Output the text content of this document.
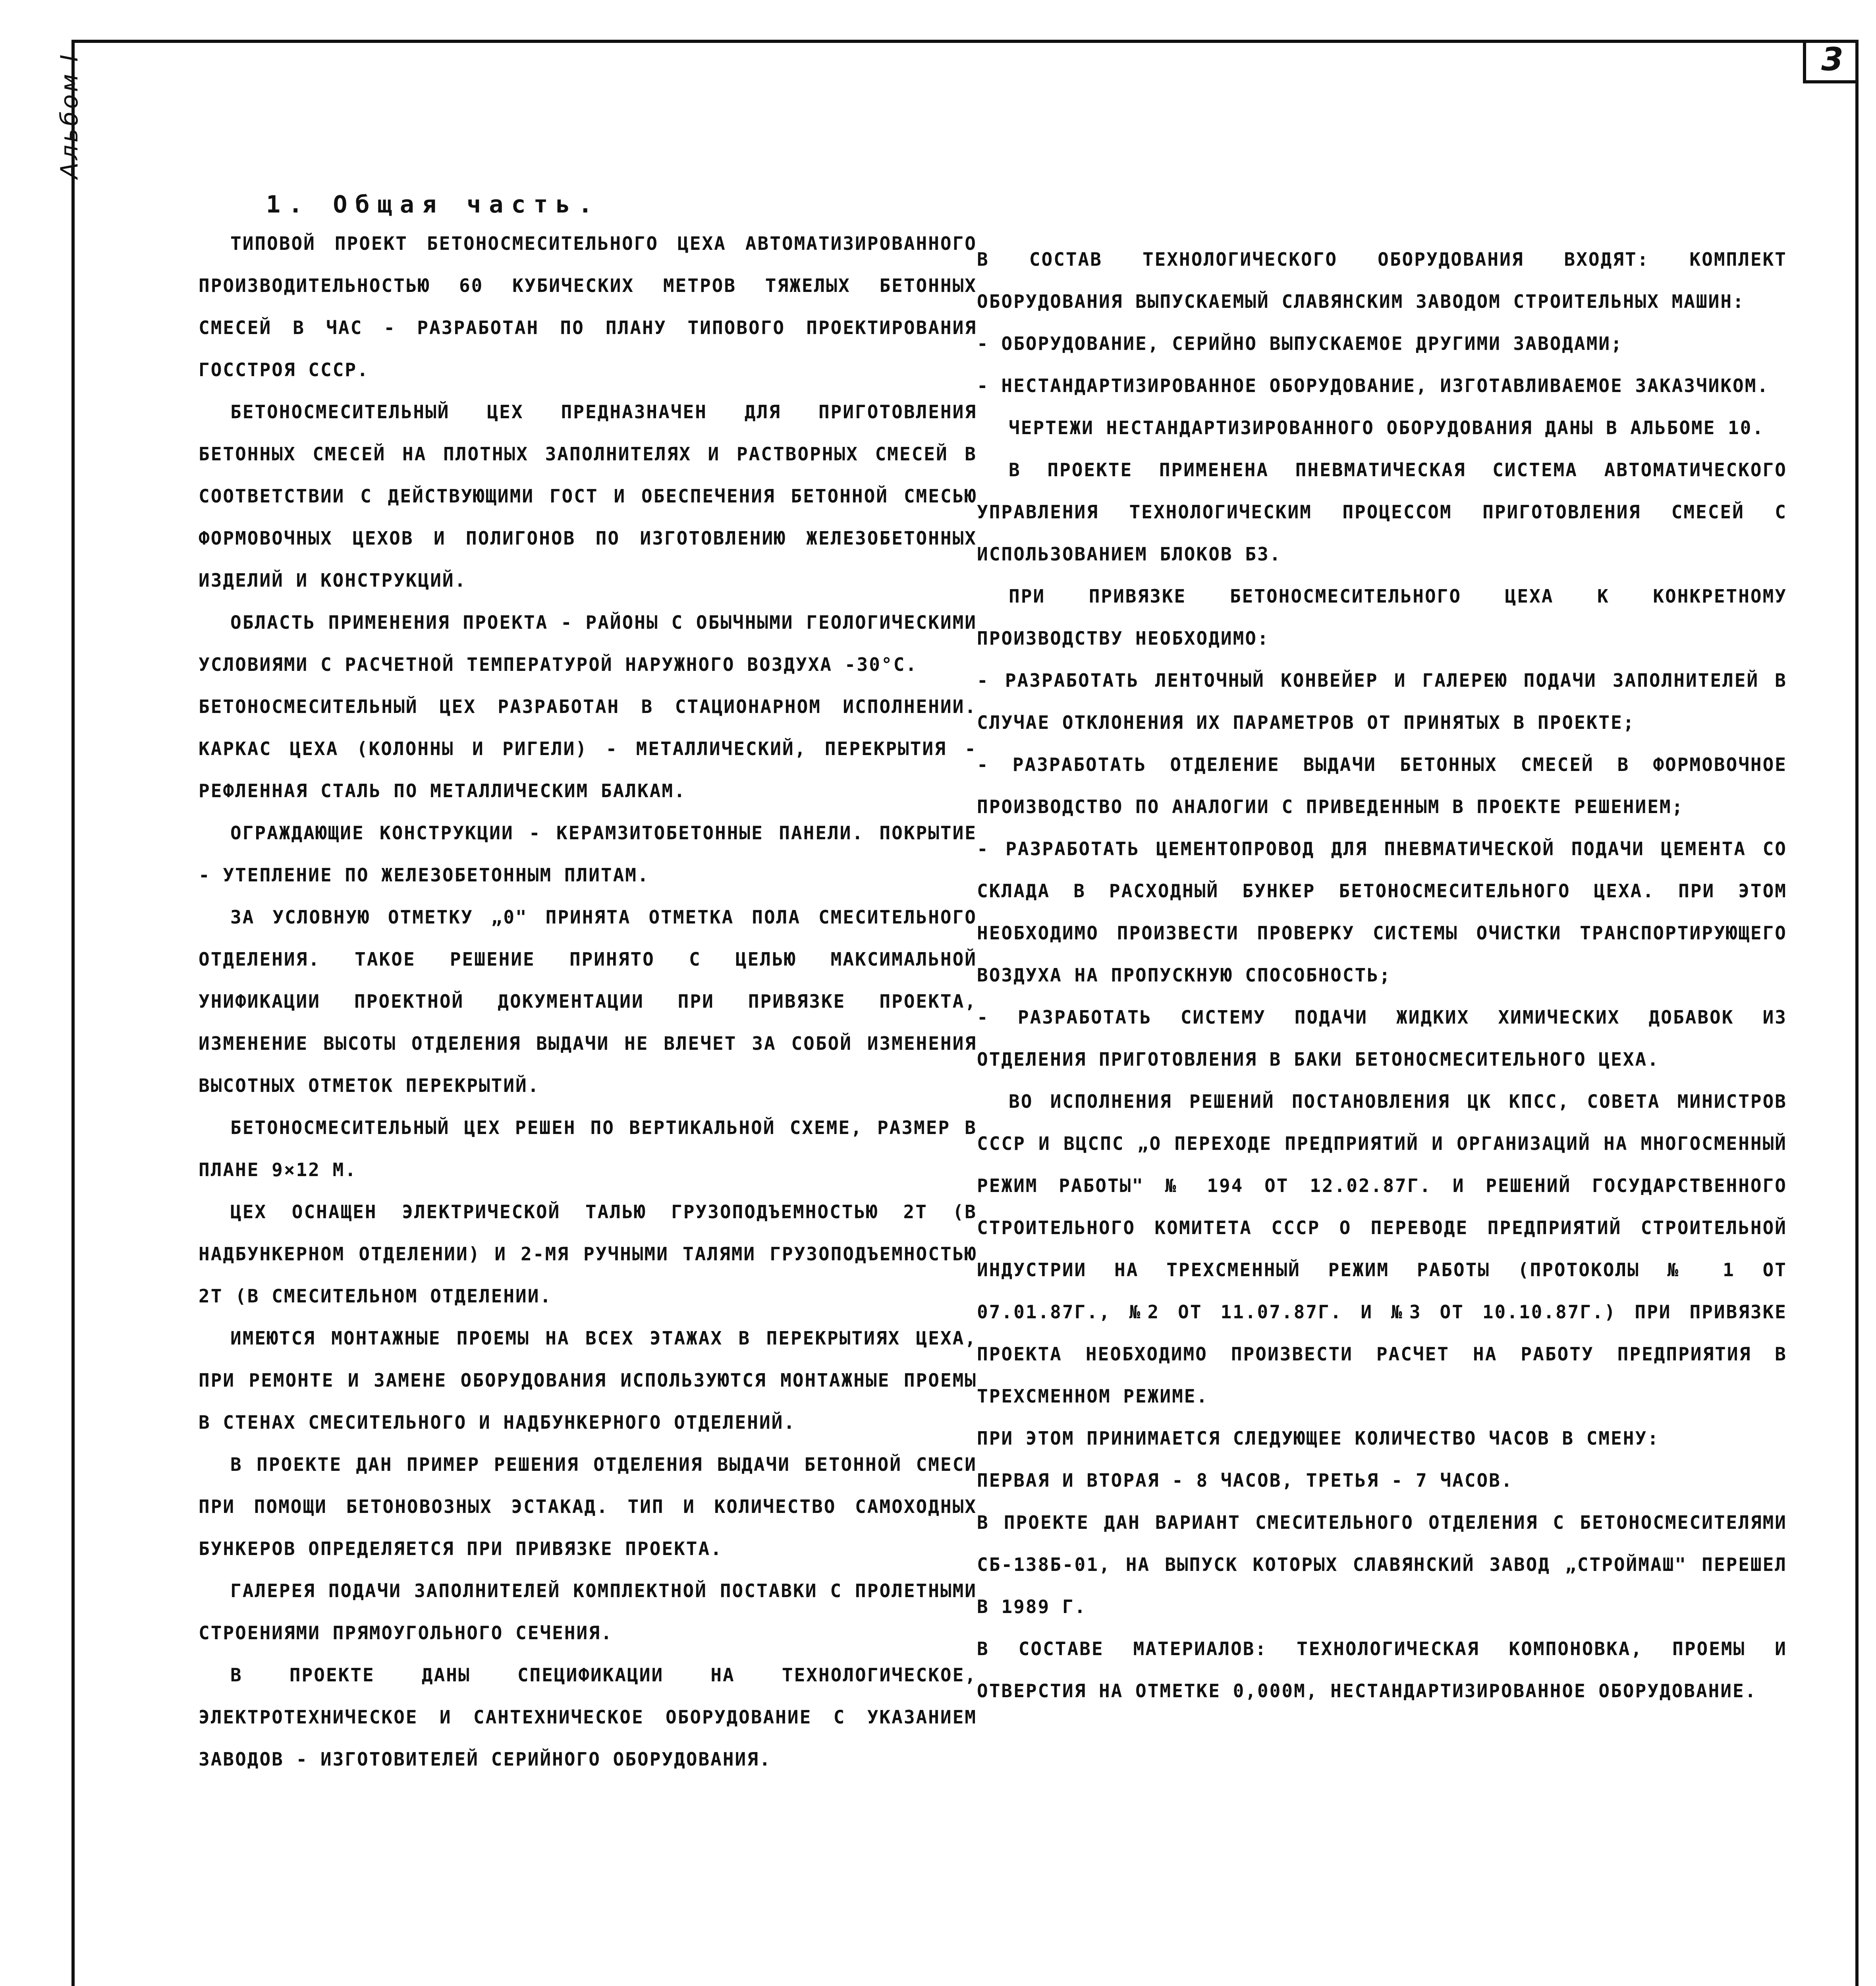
3
Альбом I
1. Общая часть.

ТИПОВОЙ ПРОЕКТ БЕТОНОСМЕСИТЕЛЬНОГО ЦЕХА АВТОМАТИЗИРОВАННОГО ПРОИЗВОДИТЕЛЬНОСТЬЮ 60 КУБИЧЕСКИХ МЕТРОВ ТЯЖЕЛЫХ БЕТОННЫХ СМЕСЕЙ В ЧАС - РАЗРАБОТАН ПО ПЛАНУ ТИПОВОГО ПРОЕКТИРОВАНИЯ ГОССТРОЯ СССР.

БЕТОНОСМЕСИТЕЛЬНЫЙ ЦЕХ ПРЕДНАЗНАЧЕН ДЛЯ ПРИГОТОВЛЕНИЯ БЕТОННЫХ СМЕСЕЙ НА ПЛОТНЫХ ЗАПОЛНИТЕЛЯХ И РАСТВОРНЫХ СМЕСЕЙ В СООТВЕТСТВИИ С ДЕЙСТВУЮЩИМИ ГОСТ И ОБЕСПЕЧЕНИЯ БЕТОННОЙ СМЕСЬЮ ФОРМОВОЧНЫХ ЦЕХОВ И ПОЛИГОНОВ ПО ИЗГОТОВЛЕНИЮ ЖЕЛЕЗОБЕТОННЫХ ИЗДЕЛИЙ И КОНСТРУКЦИЙ.

ОБЛАСТЬ ПРИМЕНЕНИЯ ПРОЕКТА - РАЙОНЫ С ОБЫЧНЫМИ ГЕОЛОГИЧЕСКИМИ УСЛОВИЯМИ С РАСЧЕТНОЙ ТЕМПЕРАТУРОЙ НАРУЖНОГО ВОЗДУХА -30°С.

БЕТОНОСМЕСИТЕЛЬНЫЙ ЦЕХ РАЗРАБОТАН В СТАЦИОНАРНОМ ИСПОЛНЕНИИ. КАРКАС ЦЕХА (КОЛОННЫ И РИГЕЛИ) - МЕТАЛЛИЧЕСКИЙ, ПЕРЕКРЫТИЯ - РЕФЛЕННАЯ СТАЛЬ ПО МЕТАЛЛИЧЕСКИМ БАЛКАМ.

ОГРАЖДАЮЩИЕ КОНСТРУКЦИИ - КЕРАМЗИТОБЕТОННЫЕ ПАНЕЛИ. ПОКРЫТИЕ - УТЕПЛЕНИЕ ПО ЖЕЛЕЗОБЕТОННЫМ ПЛИТАМ.

ЗА УСЛОВНУЮ ОТМЕТКУ „0" ПРИНЯТА ОТМЕТКА ПОЛА СМЕСИТЕЛЬНОГО ОТДЕЛЕНИЯ. ТАКОЕ РЕШЕНИЕ ПРИНЯТО С ЦЕЛЬЮ МАКСИМАЛЬНОЙ УНИФИКАЦИИ ПРОЕКТНОЙ ДОКУМЕНТАЦИИ ПРИ ПРИВЯЗКЕ ПРОЕКТА, ИЗМЕНЕНИЕ ВЫСОТЫ ОТДЕЛЕНИЯ ВЫДАЧИ НЕ ВЛЕЧЕТ ЗА СОБОЙ ИЗМЕНЕНИЯ ВЫСОТНЫХ ОТМЕТОК ПЕРЕКРЫТИЙ.

БЕТОНОСМЕСИТЕЛЬНЫЙ ЦЕХ РЕШЕН ПО ВЕРТИКАЛЬНОЙ СХЕМЕ, РАЗМЕР В ПЛАНЕ 9×12 М.

ЦЕХ ОСНАЩЕН ЭЛЕКТРИЧЕСКОЙ ТАЛЬЮ ГРУЗОПОДЪЕМНОСТЬЮ 2Т (В НАДБУНКЕРНОМ ОТДЕЛЕНИИ) И 2-МЯ РУЧНЫМИ ТАЛЯМИ ГРУЗОПОДЪЕМНОСТЬЮ 2Т (В СМЕСИТЕЛЬНОМ ОТДЕЛЕНИИ.

ИМЕЮТСЯ МОНТАЖНЫЕ ПРОЕМЫ НА ВСЕХ ЭТАЖАХ В ПЕРЕКРЫТИЯХ ЦЕХА, ПРИ РЕМОНТЕ И ЗАМЕНЕ ОБОРУДОВАНИЯ ИСПОЛЬЗУЮТСЯ МОНТАЖНЫЕ ПРОЕМЫ В СТЕНАХ СМЕСИТЕЛЬНОГО И НАДБУНКЕРНОГО ОТДЕЛЕНИЙ.

В ПРОЕКТЕ ДАН ПРИМЕР РЕШЕНИЯ ОТДЕЛЕНИЯ ВЫДАЧИ БЕТОННОЙ СМЕСИ ПРИ ПОМОЩИ БЕТОНОВОЗНЫХ ЭСТАКАД. ТИП И КОЛИЧЕСТВО САМОХОДНЫХ БУНКЕРОВ ОПРЕДЕЛЯЕТСЯ ПРИ ПРИВЯЗКЕ ПРОЕКТА.

ГАЛЕРЕЯ ПОДАЧИ ЗАПОЛНИТЕЛЕЙ КОМПЛЕКТНОЙ ПОСТАВКИ С ПРОЛЕТНЫМИ СТРОЕНИЯМИ ПРЯМОУГОЛЬНОГО СЕЧЕНИЯ.

В ПРОЕКТЕ ДАНЫ СПЕЦИФИКАЦИИ НА ТЕХНОЛОГИЧЕСКОЕ, ЭЛЕКТРОТЕХНИЧЕСКОЕ И САНТЕХНИЧЕСКОЕ ОБОРУДОВАНИЕ С УКАЗАНИЕМ ЗАВОДОВ - ИЗГОТОВИТЕЛЕЙ СЕРИЙНОГО ОБОРУДОВАНИЯ.

В СОСТАВ ТЕХНОЛОГИЧЕСКОГО ОБОРУДОВАНИЯ ВХОДЯТ: КОМПЛЕКТ ОБОРУДОВАНИЯ ВЫПУСКАЕМЫЙ СЛАВЯНСКИМ ЗАВОДОМ СТРОИТЕЛЬНЫХ МАШИН:

- ОБОРУДОВАНИЕ, СЕРИЙНО ВЫПУСКАЕМОЕ ДРУГИМИ ЗАВОДАМИ;

- НЕСТАНДАРТИЗИРОВАННОЕ ОБОРУДОВАНИЕ, ИЗГОТАВЛИВАЕМОЕ ЗАКАЗЧИКОМ.

ЧЕРТЕЖИ НЕСТАНДАРТИЗИРОВАННОГО ОБОРУДОВАНИЯ ДАНЫ В АЛЬБОМЕ 10.

В ПРОЕКТЕ ПРИМЕНЕНА ПНЕВМАТИЧЕСКАЯ СИСТЕМА АВТОМАТИЧЕСКОГО УПРАВЛЕНИЯ ТЕХНОЛОГИЧЕСКИМ ПРОЦЕССОМ ПРИГОТОВЛЕНИЯ СМЕСЕЙ С ИСПОЛЬЗОВАНИЕМ БЛОКОВ БЗ.

ПРИ ПРИВЯЗКЕ БЕТОНОСМЕСИТЕЛЬНОГО ЦЕХА К КОНКРЕТНОМУ ПРОИЗВОДСТВУ НЕОБХОДИМО:

- РАЗРАБОТАТЬ ЛЕНТОЧНЫЙ КОНВЕЙЕР И ГАЛЕРЕЮ ПОДАЧИ ЗАПОЛНИТЕЛЕЙ В СЛУЧАЕ ОТКЛОНЕНИЯ ИХ ПАРАМЕТРОВ ОТ ПРИНЯТЫХ В ПРОЕКТЕ;

- РАЗРАБОТАТЬ ОТДЕЛЕНИЕ ВЫДАЧИ БЕТОННЫХ СМЕСЕЙ В ФОРМОВОЧНОЕ ПРОИЗВОДСТВО ПО АНАЛОГИИ С ПРИВЕДЕННЫМ В ПРОЕКТЕ РЕШЕНИЕМ;

- РАЗРАБОТАТЬ ЦЕМЕНТОПРОВОД ДЛЯ ПНЕВМАТИЧЕСКОЙ ПОДАЧИ ЦЕМЕНТА СО СКЛАДА В РАСХОДНЫЙ БУНКЕР БЕТОНОСМЕСИТЕЛЬНОГО ЦЕХА. ПРИ ЭТОМ НЕОБХОДИМО ПРОИЗВЕСТИ ПРОВЕРКУ СИСТЕМЫ ОЧИСТКИ ТРАНСПОРТИРУЮЩЕГО ВОЗДУХА НА ПРОПУСКНУЮ СПОСОБНОСТЬ;

- РАЗРАБОТАТЬ СИСТЕМУ ПОДАЧИ ЖИДКИХ ХИМИЧЕСКИХ ДОБАВОК ИЗ ОТДЕЛЕНИЯ ПРИГОТОВЛЕНИЯ В БАКИ БЕТОНОСМЕСИТЕЛЬНОГО ЦЕХА.

ВО ИСПОЛНЕНИЯ РЕШЕНИЙ ПОСТАНОВЛЕНИЯ ЦК КПСС, СОВЕТА МИНИСТРОВ СССР И ВЦСПС „О ПЕРЕХОДЕ ПРЕДПРИЯТИЙ И ОРГАНИЗАЦИЙ НА МНОГОСМЕННЫЙ РЕЖИМ РАБОТЫ" № 194 ОТ 12.02.87Г. И РЕШЕНИЙ ГОСУДАРСТВЕННОГО СТРОИТЕЛЬНОГО КОМИТЕТА СССР О ПЕРЕВОДЕ ПРЕДПРИЯТИЙ СТРОИТЕЛЬНОЙ ИНДУСТРИИ НА ТРЕХСМЕННЫЙ РЕЖИМ РАБОТЫ (ПРОТОКОЛЫ № 1 ОТ 07.01.87Г., №2 ОТ 11.07.87Г. И №3 ОТ 10.10.87Г.) ПРИ ПРИВЯЗКЕ ПРОЕКТА НЕОБХОДИМО ПРОИЗВЕСТИ РАСЧЕТ НА РАБОТУ ПРЕДПРИЯТИЯ В ТРЕХСМЕННОМ РЕЖИМЕ.

ПРИ ЭТОМ ПРИНИМАЕТСЯ СЛЕДУЮЩЕЕ КОЛИЧЕСТВО ЧАСОВ В СМЕНУ:

ПЕРВАЯ И ВТОРАЯ - 8 ЧАСОВ, ТРЕТЬЯ - 7 ЧАСОВ.

В ПРОЕКТЕ ДАН ВАРИАНТ СМЕСИТЕЛЬНОГО ОТДЕЛЕНИЯ С БЕТОНОСМЕСИТЕЛЯМИ СБ-138Б-01, НА ВЫПУСК КОТОРЫХ СЛАВЯНСКИЙ ЗАВОД „СТРОЙМАШ" ПЕРЕШЕЛ В 1989 Г.

В СОСТАВЕ МАТЕРИАЛОВ: ТЕХНОЛОГИЧЕСКАЯ КОМПОНОВКА, ПРОЕМЫ И ОТВЕРСТИЯ НА ОТМЕТКЕ 0,000М, НЕСТАНДАРТИЗИРОВАННОЕ ОБОРУДОВАНИЕ.
